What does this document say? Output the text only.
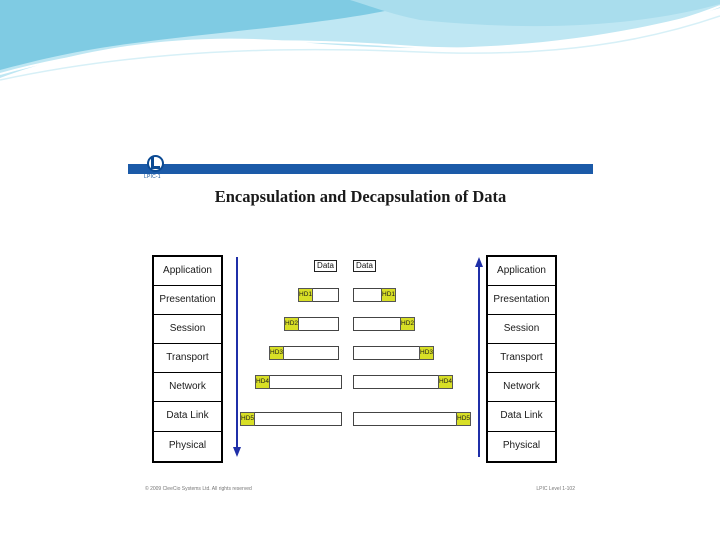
LPIC-1
Encapsulation and Decapsulation of Data
Application
Presentation
Session
Transport
Network
Data Link
Physical
Application
Presentation
Session
Transport
Network
Data Link
Physical
Data
HD1
HD2
HD3
HD4
HD5
Data
HD1
HD2
HD3
HD4
HD5
© 2009 CleeCio Systems Ltd. All rights reserved	LPIC Level 1-102
